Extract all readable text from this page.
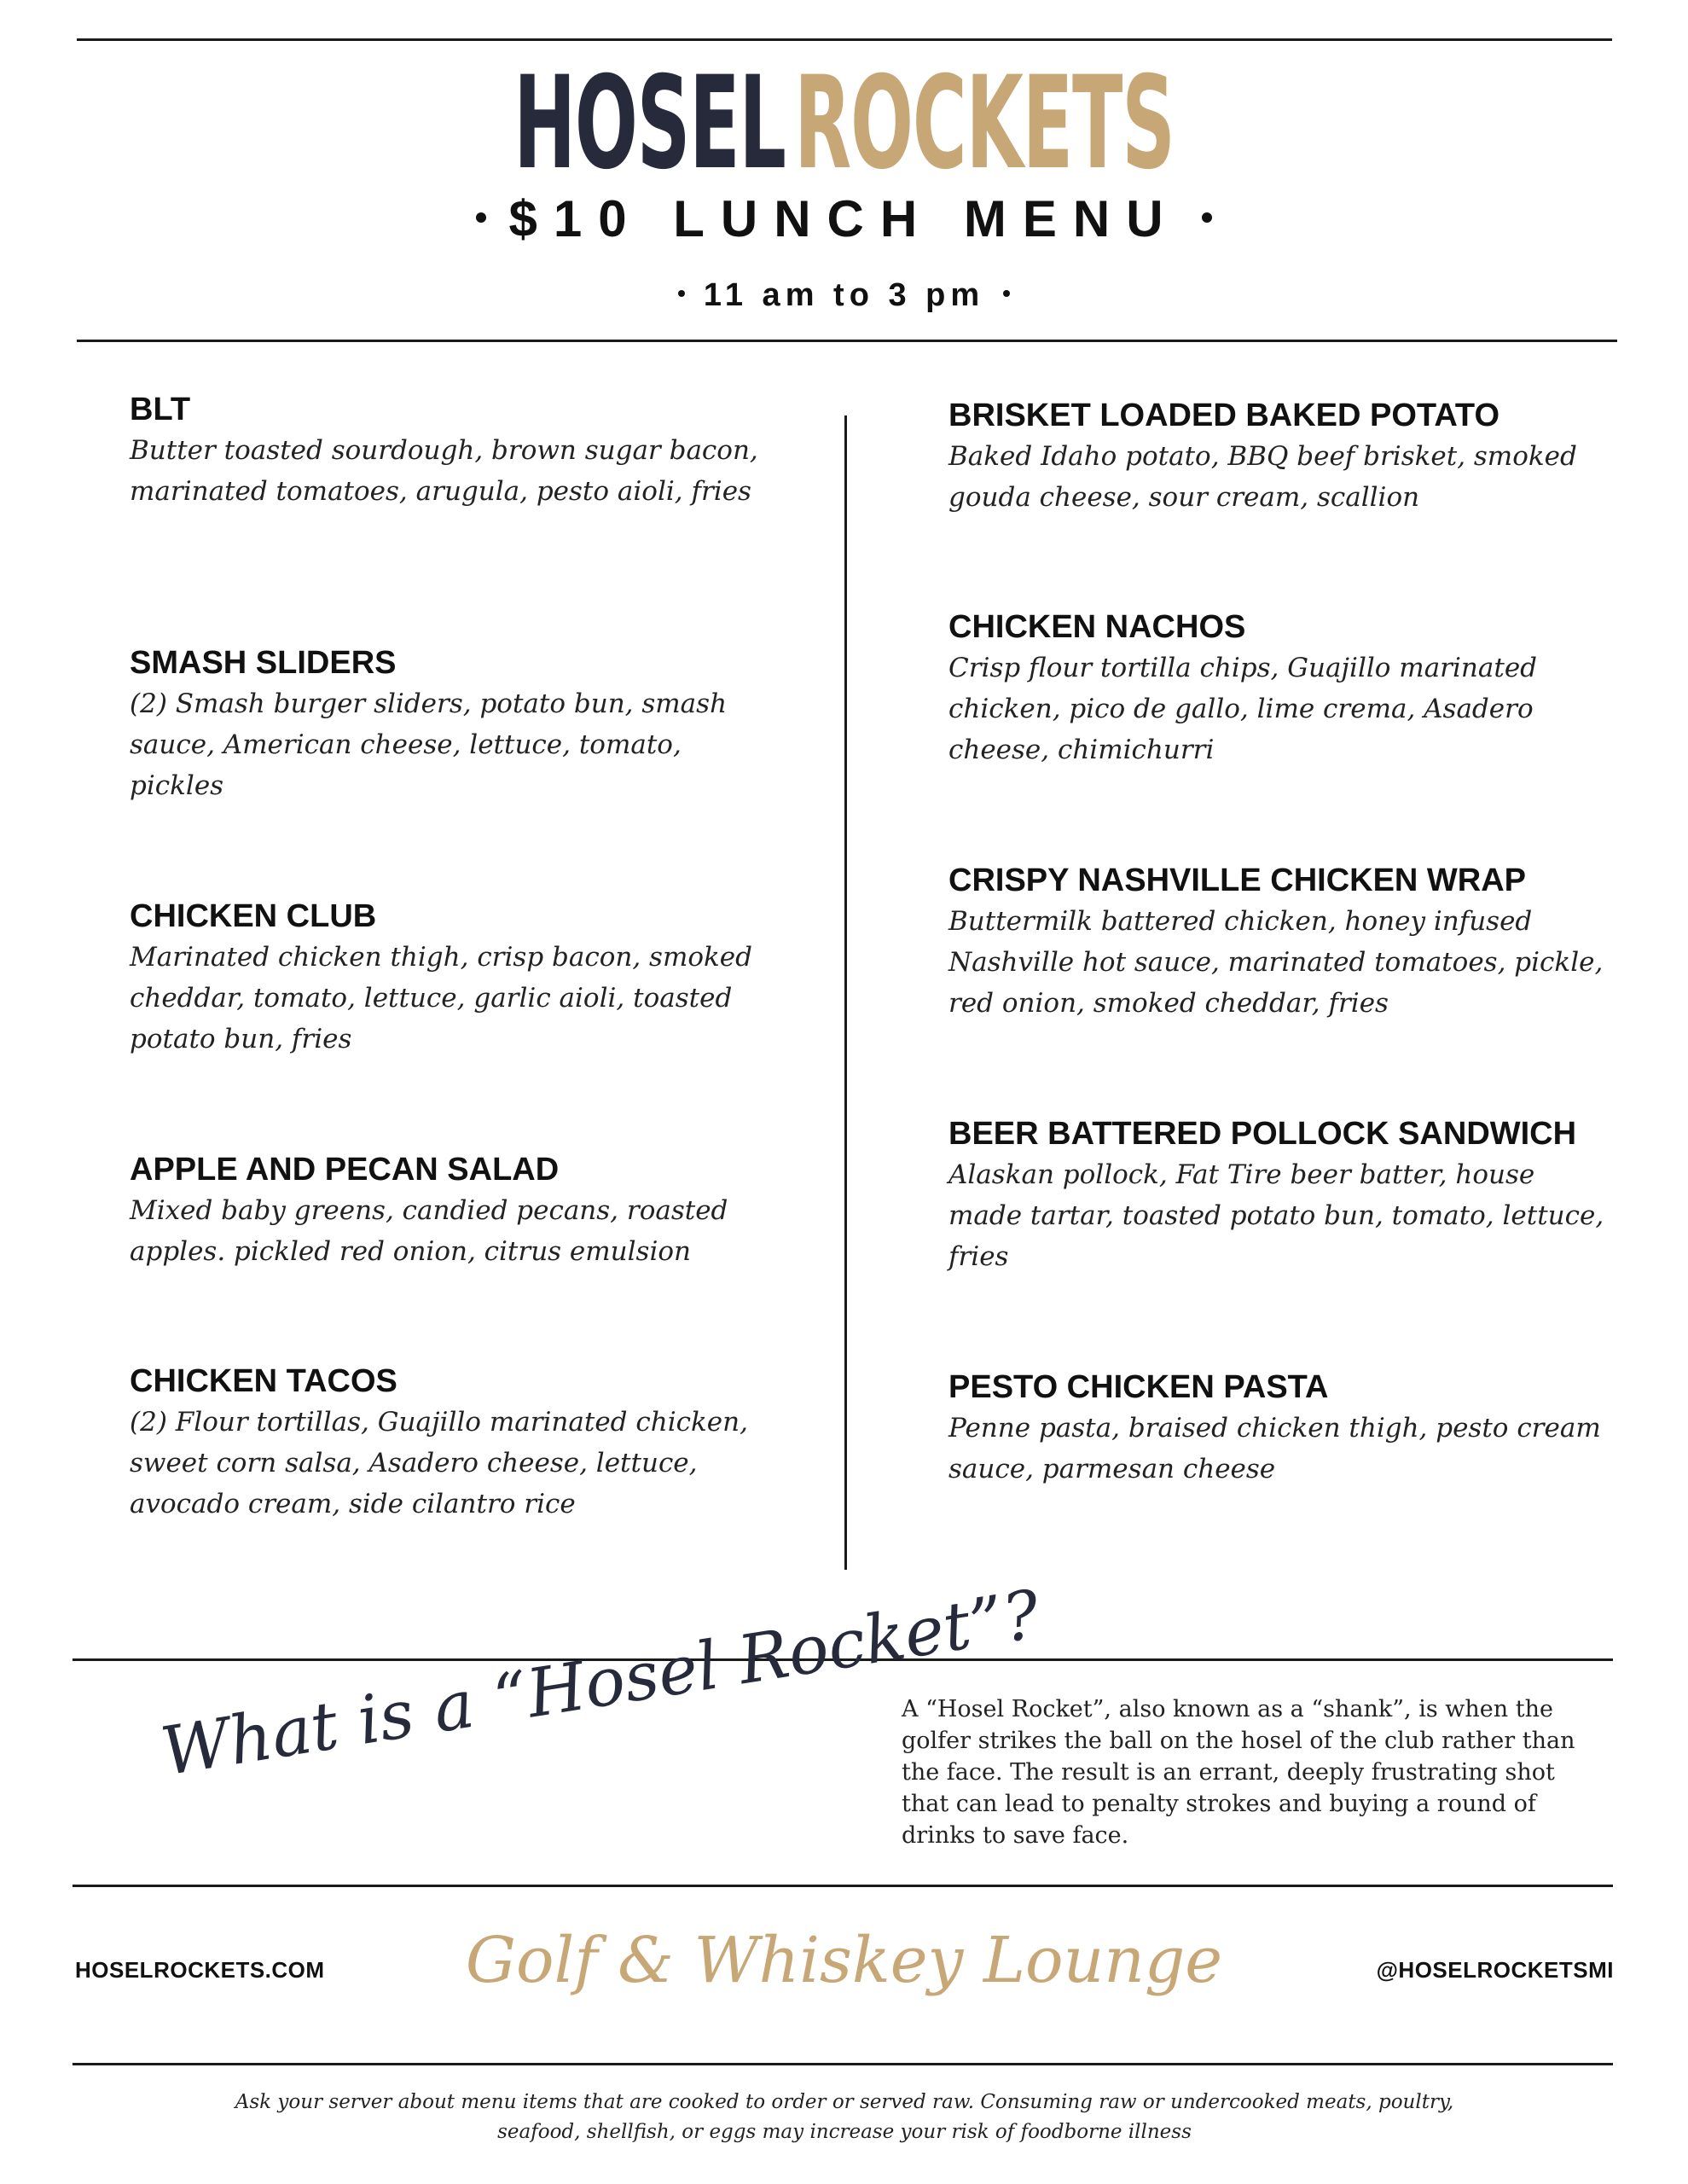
HOSELROCKETS
$10 LUNCH MENU
11 am to 3 pm
BLT
Butter toasted sourdough, brown sugar bacon, marinated tomatoes, arugula, pesto aioli, fries
SMASH SLIDERS
(2) Smash burger sliders, potato bun, smash sauce, American cheese, lettuce, tomato, pickles
CHICKEN CLUB
Marinated chicken thigh, crisp bacon, smoked cheddar, tomato, lettuce, garlic aioli, toasted potato bun, fries
APPLE AND PECAN SALAD
Mixed baby greens, candied pecans, roasted apples. pickled red onion, citrus emulsion
CHICKEN TACOS
(2) Flour tortillas, Guajillo marinated chicken, sweet corn salsa, Asadero cheese, lettuce, avocado cream, side cilantro rice
BRISKET LOADED BAKED POTATO
Baked Idaho potato, BBQ beef brisket, smoked gouda cheese, sour cream, scallion
CHICKEN NACHOS
Crisp flour tortilla chips, Guajillo marinated chicken, pico de gallo, lime crema, Asadero cheese, chimichurri
CRISPY NASHVILLE CHICKEN WRAP
Buttermilk battered chicken, honey infused Nashville hot sauce, marinated tomatoes, pickle, red onion, smoked cheddar, fries
BEER BATTERED POLLOCK SANDWICH
Alaskan pollock, Fat Tire beer batter, house made tartar, toasted potato bun, tomato, lettuce, fries
PESTO CHICKEN PASTA
Penne pasta, braised chicken thigh, pesto cream sauce, parmesan cheese
What is a “Hosel Rocket”?
A “Hosel Rocket”, also known as a “shank”, is when the golfer strikes the ball on the hosel of the club rather than the face. The result is an errant, deeply frustrating shot that can lead to penalty strokes and buying a round of drinks to save face.
HOSELROCKETS.COM	Golf & Whiskey Lounge	@HOSELROCKETSMI
Ask your server about menu items that are cooked to order or served raw. Consuming raw or undercooked meats, poultry, seafood, shellfish, or eggs may increase your risk of foodborne illness
